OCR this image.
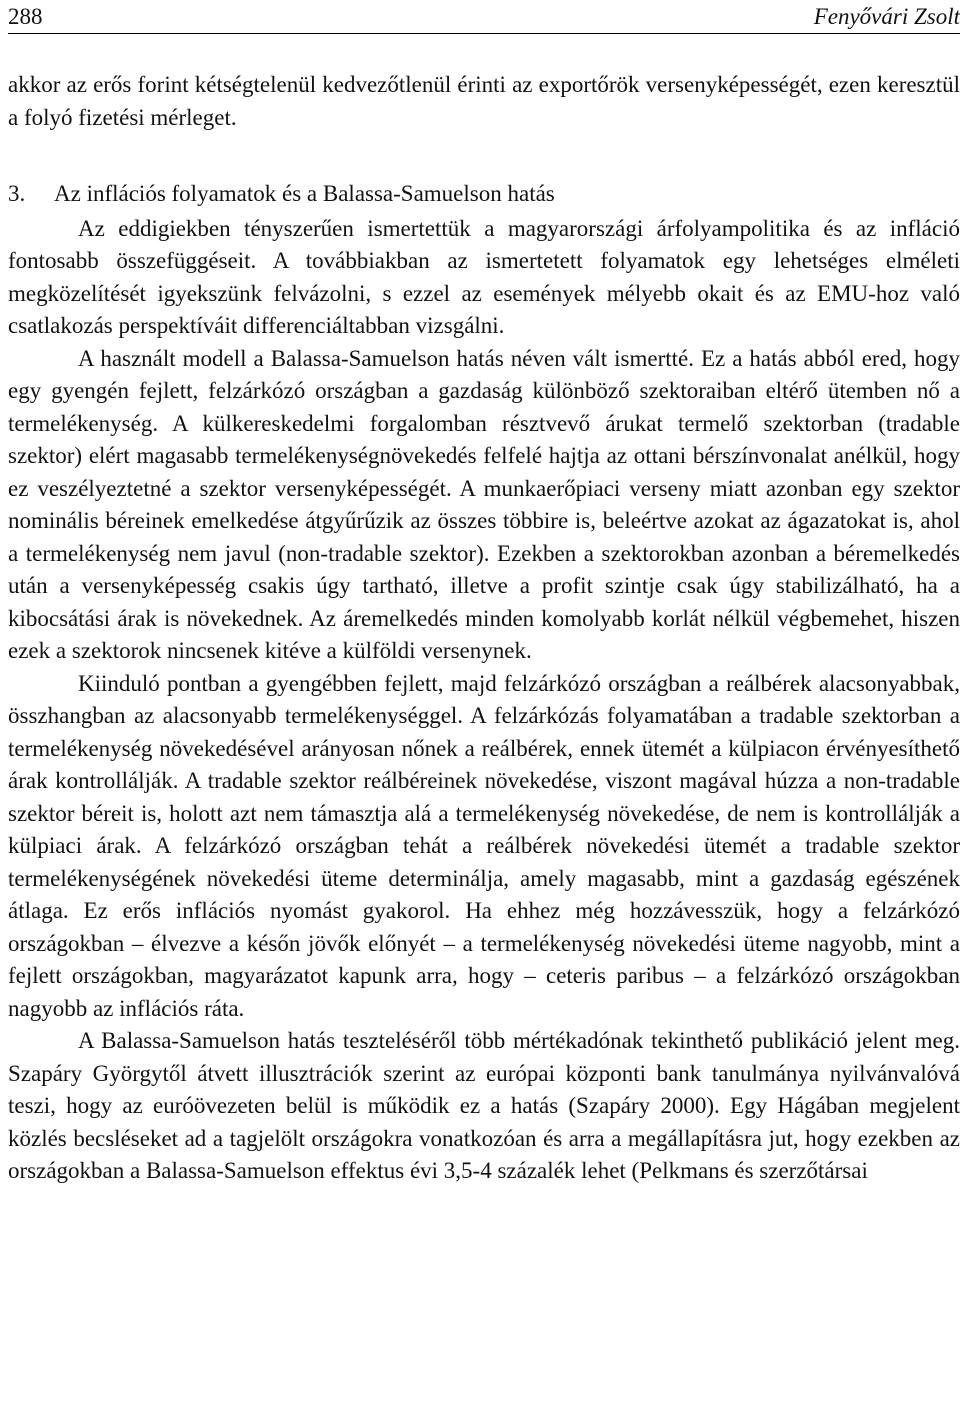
288	Fenyővári Zsolt

akkor az erős forint kétségtelenül kedvezőtlenül érinti az exportőrök versenyképességét, ezen keresztül a folyó fizetési mérleget.

3. Az inflációs folyamatok és a Balassa-Samuelson hatás

Az eddigiekben tényszerűen ismertettük a magyarországi árfolyampolitika és az infláció fontosabb összefüggéseit. A továbbiakban az ismertetett folyamatok egy lehetséges elméleti megközelítését igyekszünk felvázolni, s ezzel az események mélyebb okait és az EMU-hoz való csatlakozás perspektíváit differenciáltabban vizsgálni.

A használt modell a Balassa-Samuelson hatás néven vált ismertté. Ez a hatás abból ered, hogy egy gyengén fejlett, felzárkózó országban a gazdaság különböző szektoraiban eltérő ütemben nő a termelékenység. A külkereskedelmi forgalomban résztvevő árukat termelő szektorban (tradable szektor) elért magasabb termelékenységnövekedés felfelé hajtja az ottani bérszínvonalat anélkül, hogy ez veszélyeztetné a szektor versenyképességét. A munkaerőpiaci verseny miatt azonban egy szektor nominális béreinek emelkedése átgyűrűzik az összes többire is, beleértve azokat az ágazatokat is, ahol a termelékenység nem javul (non-tradable szektor). Ezekben a szektorokban azonban a béremelkedés után a versenyképesség csakis úgy tartható, illetve a profit szintje csak úgy stabilizálható, ha a kibocsátási árak is növekednek. Az áremelkedés minden komolyabb korlát nélkül végbemehet, hiszen ezek a szektorok nincsenek kitéve a külföldi versenynek.

Kiinduló pontban a gyengébben fejlett, majd felzárkózó országban a reálbérek alacsonyabbak, összhangban az alacsonyabb termelékenységgel. A felzárkózás folyamatában a tradable szektorban a termelékenység növekedésével arányosan nőnek a reálbérek, ennek ütemét a külpiacon érvényesíthető árak kontrollálják. A tradable szektor reálbéreinek növekedése, viszont magával húzza a non-tradable szektor béreit is, holott azt nem támasztja alá a termelékenység növekedése, de nem is kontrollálják a külpiaci árak. A felzárkózó országban tehát a reálbérek növekedési ütemét a tradable szektor termelékenységének növekedési üteme determinálja, amely magasabb, mint a gazdaság egészének átlaga. Ez erős inflációs nyomást gyakorol. Ha ehhez még hozzávesszük, hogy a felzárkózó országokban – élvezve a későn jövők előnyét – a termelékenység növekedési üteme nagyobb, mint a fejlett országokban, magyarázatot kapunk arra, hogy – ceteris paribus – a felzárkózó országokban nagyobb az inflációs ráta.

A Balassa-Samuelson hatás teszteléséről több mértékadónak tekinthető publikáció jelent meg. Szapáry Györgytől átvett illusztrációk szerint az európai központi bank tanulmánya nyilvánvalóvá teszi, hogy az euróövezeten belül is működik ez a hatás (Szapáry 2000). Egy Hágában megjelent közlés becsléseket ad a tagjelölt országokra vonatkozóan és arra a megállapításra jut, hogy ezekben az országokban a Balassa-Samuelson effektus évi 3,5-4 százalék lehet (Pelkmans és szerzőtársai
